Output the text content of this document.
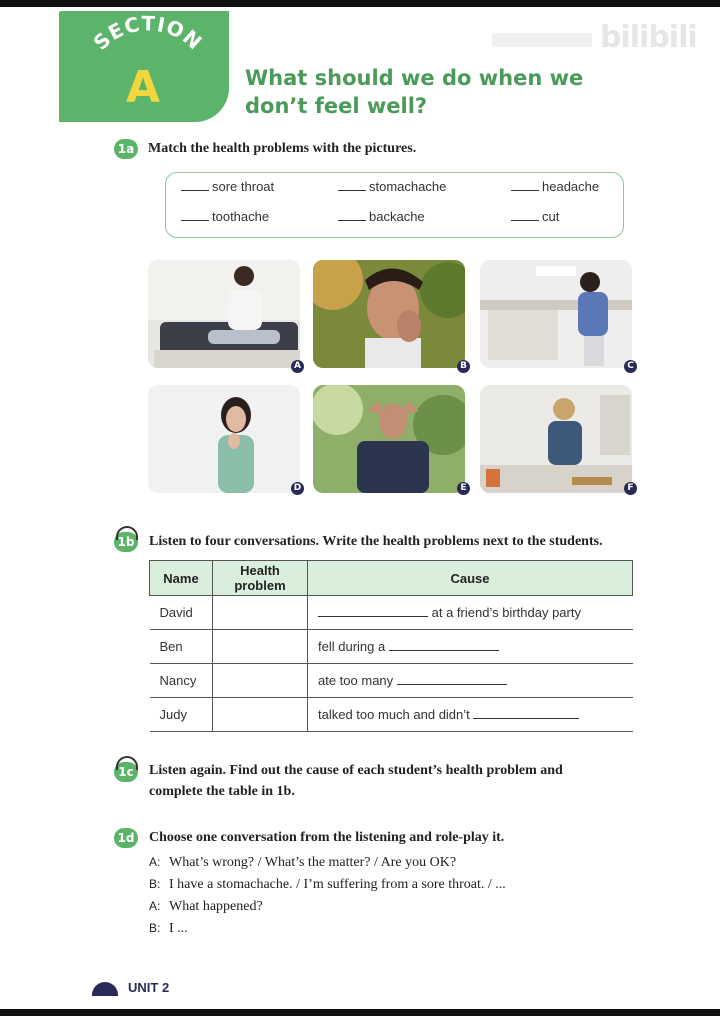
bilibili
SECTION
A	What should we do when we don’t feel well?
1a Match the health problems with the pictures.
sore throat	stomachache	headache
toothache	backache	cut
A	B	C
D	E	F
1b Listen to four conversations. Write the health problems next to the students.
Name	Health problem	Cause
David		at a friend’s birthday party
Ben		fell during a
Nancy		ate too many
Judy		talked too much and didn’t
1c	Listen again. Find out the cause of each student’s health problem and
complete the table in 1b.
1d Choose one conversation from the listening and role-play it.
A: What’s wrong? / What’s the matter? / Are you OK?
B: I have a stomachache. / I’m suffering from a sore throat. / ...
A: What happened?
B: I ...
UNIT 2
